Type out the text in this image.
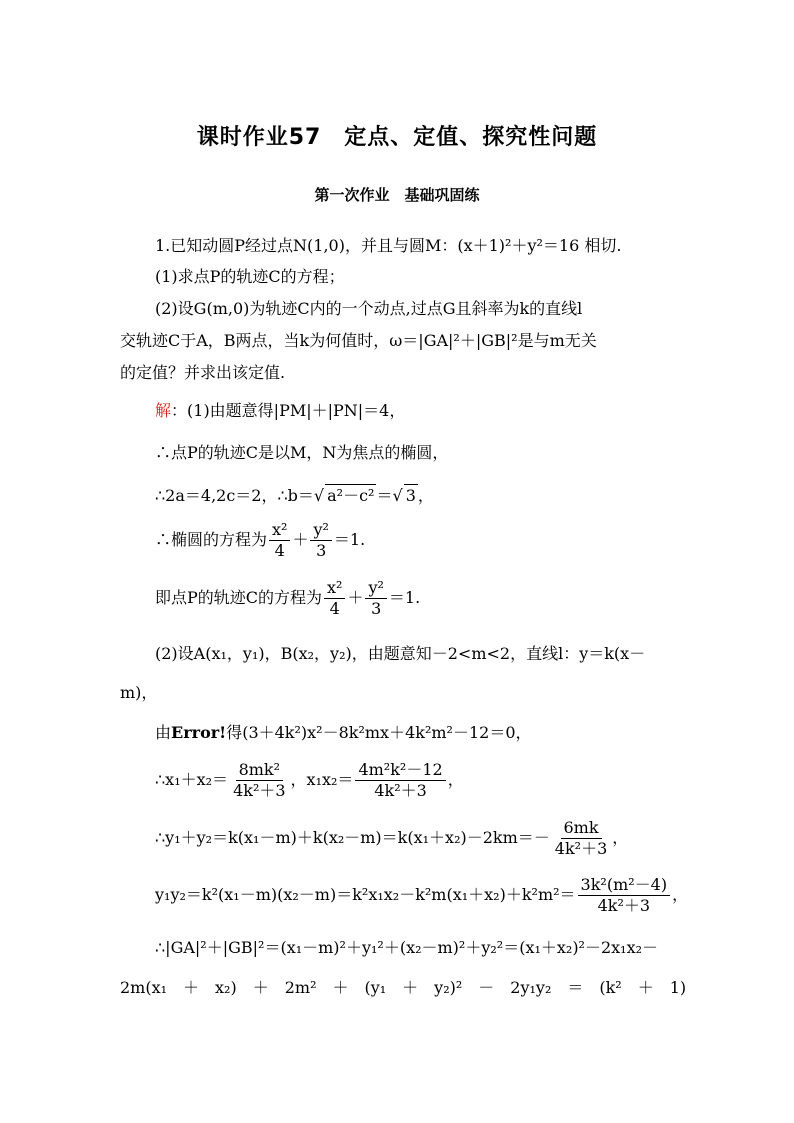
课时作业57　定点、定值、探究性问题
第一次作业　基础巩固练
1.已知动圆P经过点N(1,0)，并且与圆M：(x＋1)²＋y²＝16 相切.
(1)求点P的轨迹C的方程；
(2)设G(m,0)为轨迹C内的一个动点,过点G且斜率为k的直线l
交轨迹C于A，B两点，当k为何值时，ω＝|GA|²＋|GB|²是与m无关
的定值？并求出该定值.
解：(1)由题意得|PM|＋|PN|＝4，
∴点P的轨迹C是以M，N为焦点的椭圆，
∴2a＝4,2c＝2，∴b＝√ a²－c² ＝√ 3 ，
∴椭圆的方程为 $\frac{\text{x²}}{4} + \frac{\text{y²}}{3} =1$.
即点P的轨迹C的方程为 $\frac{\text{x²}}{4} + \frac{\text{y²}}{3} =1$.
(2)设A(x₁，y₁)，B(x₂，y₂)，由题意知－2<m<2，直线l：y＝k(x－
m)，
由Error!得(3＋4k²)x²－8k²mx＋4k²m²－12＝0，
∴x₁＋x₂＝ $\frac{\text{8mk²}}{\text{4k²＋3}}$ ，$x_1x_2= \frac{\text{4m²k²－12}}{\text{4k²＋3}}$ ，
∴y₁＋y₂＝k(x₁－m)＋k(x₂－m)＝k(x₁＋x₂)－2km＝－ $\frac{6mk}{\text{4k²＋3}}$ ，
$y_1y_2=k^2(x_1-m)(x_2-m)=k^2x_1x_2-k^2m(x_1+x_2)+k^2m^2= \frac{\text{3k²(m²－4)}}{\text{4k²＋3}}$ ，
∴|GA|²＋|GB|²＝(x₁－m)²＋y₁²＋(x₂－m)²＋y₂²＝(x₁＋x₂)²－2x₁x₂－
2m(x₁　＋　x₂)　＋　2m²　＋　(y₁　＋　y₂)²　－　2y₁y₂　＝　(k²　＋　1)
